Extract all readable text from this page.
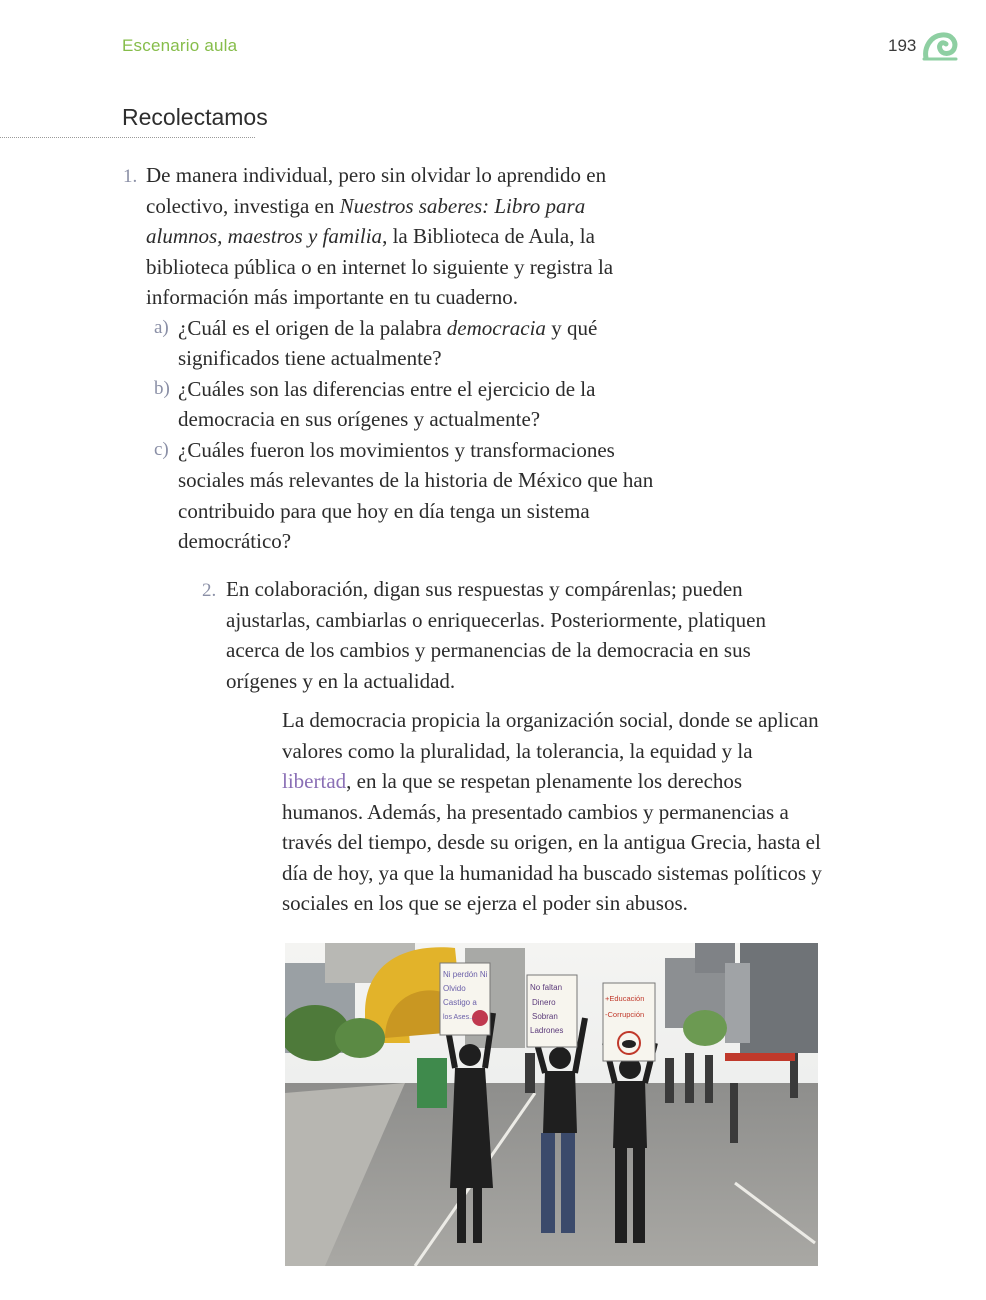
Escenario aula	193
Recolectamos
1. De manera individual, pero sin olvidar lo aprendido en colectivo, investiga en Nuestros saberes: Libro para alumnos, maestros y familia, la Biblioteca de Aula, la biblioteca pública o en internet lo siguiente y registra la información más importante en tu cuaderno.
a) ¿Cuál es el origen de la palabra democracia y qué significados tiene actualmente?
b) ¿Cuáles son las diferencias entre el ejercicio de la democracia en sus orígenes y actualmente?
c) ¿Cuáles fueron los movimientos y transformaciones sociales más relevantes de la historia de México que han contribuido para que hoy en día tenga un sistema democrático?
2. En colaboración, digan sus respuestas y compárenlas; pueden ajustarlas, cambiarlas o enriquecerlas. Posteriormente, platiquen acerca de los cambios y permanencias de la democracia en sus orígenes y en la actualidad.
La democracia propicia la organización social, donde se aplican valores como la pluralidad, la tolerancia, la equidad y la libertad, en la que se respetan plenamente los derechos humanos. Además, ha presentado cambios y permanencias a través del tiempo, desde su origen, en la antigua Grecia, hasta el día de hoy, ya que la humanidad ha buscado sistemas políticos y sociales en los que se ejerza el poder sin abusos.
Ni perdón Ni
Olvido
Castigo a
los Ases...
No faltan
Dinero
Sobran
Ladrones
+Educación
-Corrupción
